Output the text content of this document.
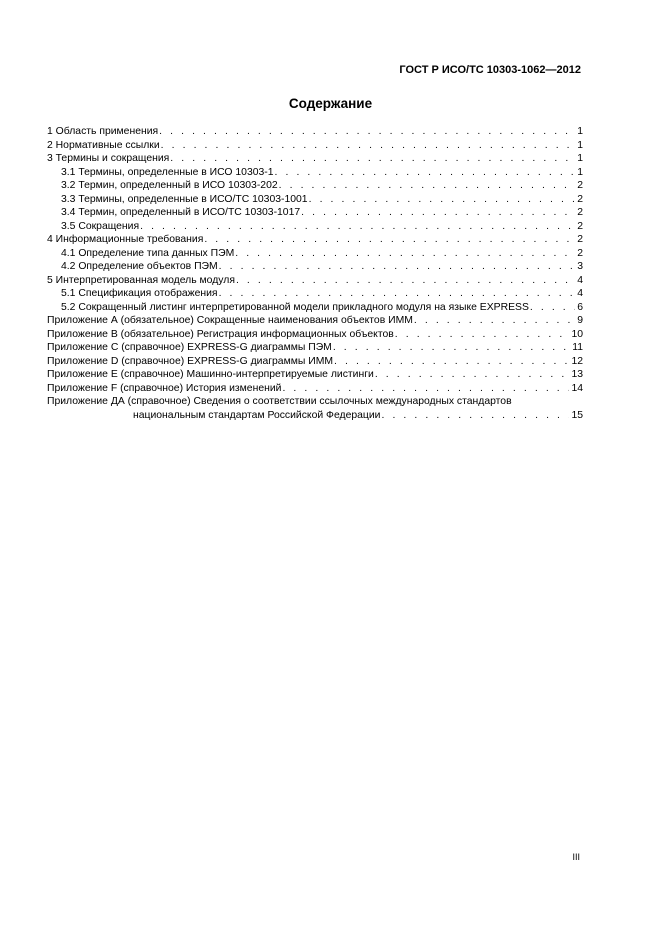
ГОСТ Р ИСО/ТС 10303-1062—2012
Содержание
1 Область применения . . .	1
2 Нормативные ссылки . . .	1
3 Термины и сокращения . . .	1
3.1 Термины, определенные в ИСО 10303-1 . . .	1
3.2 Термин, определенный в ИСО 10303-202 . . .	2
3.3 Термины, определенные в ИСО/ТС 10303-1001 . . .	2
3.4 Термин, определенный в ИСО/ТС 10303-1017 . . .	2
3.5 Сокращения . . .	2
4 Информационные требования . . .	2
4.1 Определение типа данных ПЭМ . . .	2
4.2 Определение объектов ПЭМ . . .	3
5 Интерпретированная модель модуля . . .	4
5.1 Спецификация отображения . . .	4
5.2 Сокращенный листинг интерпретированной модели прикладного модуля на языке EXPRESS . . .	6
Приложение А (обязательное) Сокращенные наименования объектов ИММ . . .	9
Приложение В (обязательное) Регистрация информационных объектов . . .	10
Приложение С (справочное) EXPRESS-G диаграммы ПЭМ . . .	11
Приложение D (справочное) EXPRESS-G диаграммы ИММ . . .	12
Приложение Е (справочное) Машинно-интерпретируемые листинги . . .	13
Приложение F (справочное) История изменений . . .	14
Приложение ДА (справочное) Сведения о соответствии ссылочных международных стандартов
национальным стандартам Российской Федерации . . .	15
III
